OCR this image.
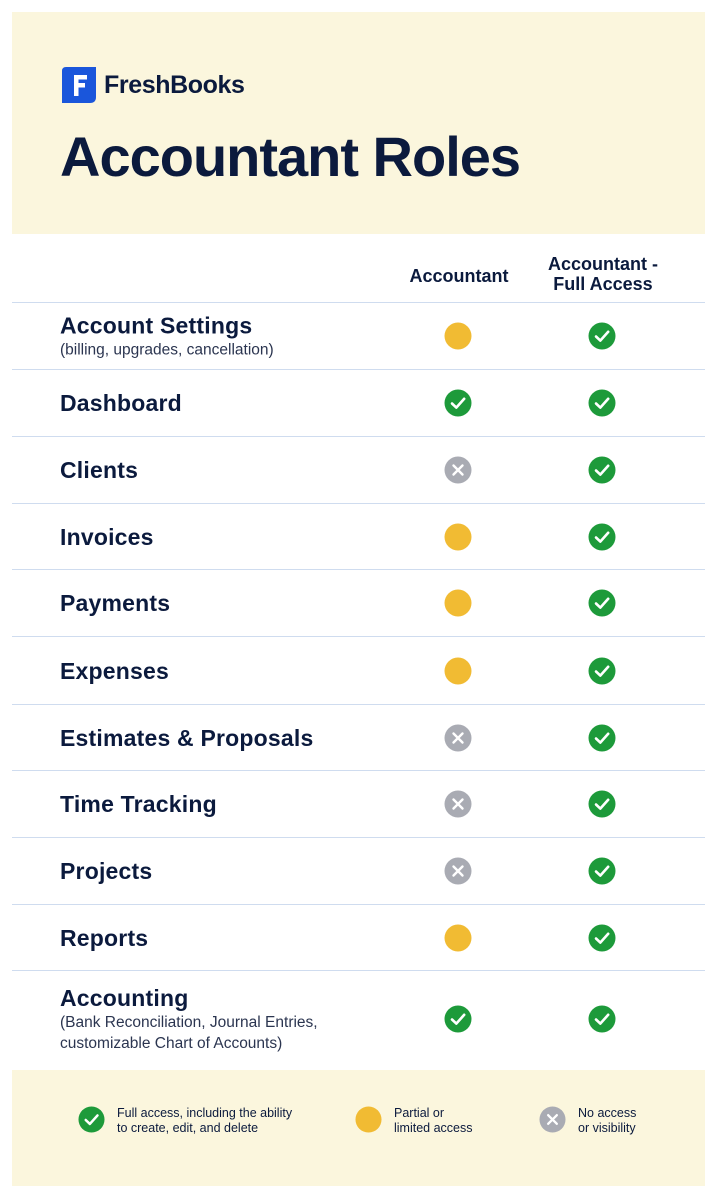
FreshBooks
Accountant Roles
Accountant
Accountant -
Full Access
Account Settings
(billing, upgrades, cancellation)
Dashboard
Clients
Invoices
Payments
Expenses
Estimates & Proposals
Time Tracking
Projects
Reports
Accounting
(Bank Reconciliation, Journal Entries,
customizable Chart of Accounts)
Full access, including the ability
to create, edit, and delete
Partial or
limited access
No access
or visibility
